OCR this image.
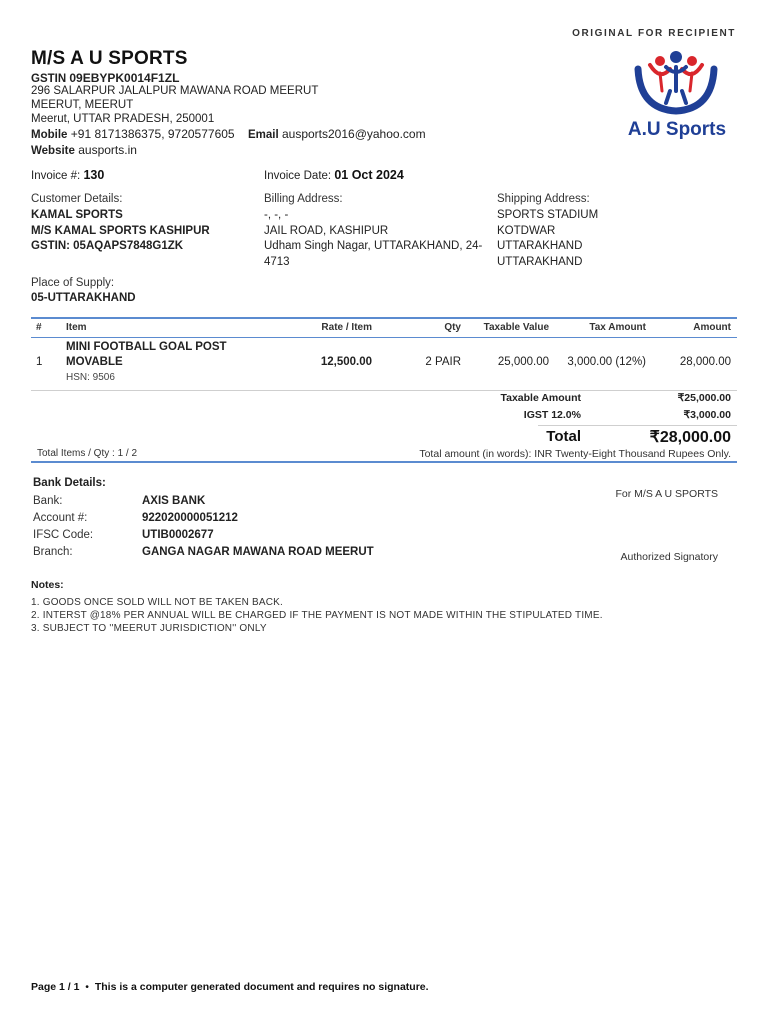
ORIGINAL FOR RECIPIENT
M/S A U SPORTS
GSTIN 09EBYPK0014F1ZL
296 SALARPUR JALALPUR MAWANA ROAD MEERUT
MEERUT, MEERUT
Meerut, UTTAR PRADESH, 250001
Mobile +91 8171386375, 9720577605 Email ausports2016@yahoo.com
Website ausports.in
A.U Sports
Invoice #: 130	Invoice Date: 01 Oct 2024
Customer Details:
KAMAL SPORTS
M/S KAMAL SPORTS KASHIPUR
GSTIN: 05AQAPS7848G1ZK
Billing Address:
-, -, -
JAIL ROAD, KASHIPUR
Udham Singh Nagar, UTTARAKHAND, 24-
4713
Shipping Address:
SPORTS STADIUM
KOTDWAR
UTTARAKHAND
UTTARAKHAND
Place of Supply:
05-UTTARAKHAND
# Item	Rate / Item	Qty	Taxable Value	Tax Amount	Amount
1
MINI FOOTBALL GOAL POST
MOVABLE
HSN: 9506
12,500.00	2 PAIR	25,000.00	3,000.00 (12%)	28,000.00
Taxable Amount	₹25,000.00
IGST 12.0%	₹3,000.00
Total	₹28,000.00
Total Items / Qty : 1 / 2	Total amount (in words): INR Twenty-Eight Thousand Rupees Only.
Bank Details:
Bank:	AXIS BANK
Account #:	922020000051212
IFSC Code:	UTIB0002677
Branch:	GANGA NAGAR MAWANA ROAD MEERUT
For M/S A U SPORTS
Authorized Signatory
Notes:
1. GOODS ONCE SOLD WILL NOT BE TAKEN BACK.
2. INTERST @18% PER ANNUAL WILL BE CHARGED IF THE PAYMENT IS NOT MADE WITHIN THE STIPULATED TIME.
3. SUBJECT TO ''MEERUT JURISDICTION'' ONLY
Page 1 / 1 • This is a computer generated document and requires no signature.
